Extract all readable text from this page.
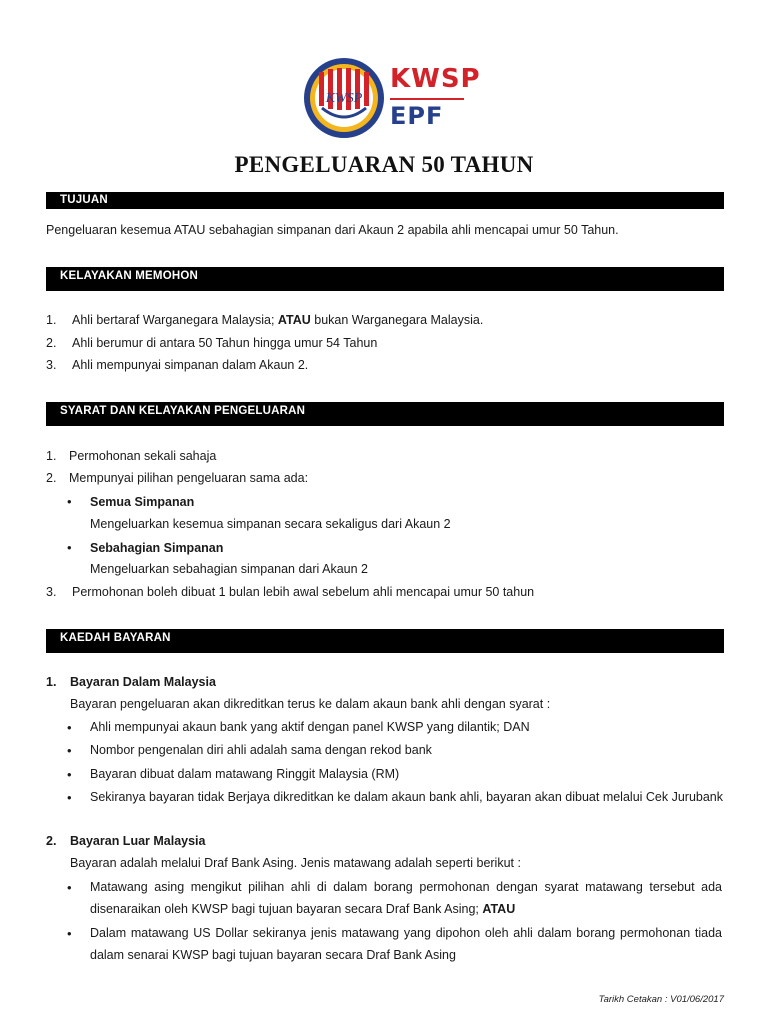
KWSP
KWSP
EPF
PENGELUARAN 50 TAHUN
TUJUAN
Pengeluaran kesemua ATAU sebahagian simpanan dari Akaun 2 apabila ahli mencapai umur 50 Tahun.
KELAYAKAN MEMOHON
1. Ahli bertaraf Warganegara Malaysia; ATAU bukan Warganegara Malaysia.
2. Ahli berumur di antara 50 Tahun hingga umur 54 Tahun
3. Ahli mempunyai simpanan dalam Akaun 2.
SYARAT DAN KELAYAKAN PENGELUARAN
1. Permohonan sekali sahaja
2. Mempunyai pilihan pengeluaran sama ada:
• Semua Simpanan
Mengeluarkan kesemua simpanan secara sekaligus dari Akaun 2
• Sebahagian Simpanan
Mengeluarkan sebahagian simpanan dari Akaun 2
3. Permohonan boleh dibuat 1 bulan lebih awal sebelum ahli mencapai umur 50 tahun
KAEDAH BAYARAN
1. Bayaran Dalam Malaysia
Bayaran pengeluaran akan dikreditkan terus ke dalam akaun bank ahli dengan syarat :
• Ahli mempunyai akaun bank yang aktif dengan panel KWSP yang dilantik; DAN
• Nombor pengenalan diri ahli adalah sama dengan rekod bank
• Bayaran dibuat dalam matawang Ringgit Malaysia (RM)
• Sekiranya bayaran tidak Berjaya dikreditkan ke dalam akaun bank ahli, bayaran akan dibuat melalui Cek Jurubank
2. Bayaran Luar Malaysia
Bayaran adalah melalui Draf Bank Asing. Jenis matawang adalah seperti berikut :
• Matawang asing mengikut pilihan ahli di dalam borang permohonan dengan syarat matawang tersebut ada
disenaraikan oleh KWSP bagi tujuan bayaran secara Draf Bank Asing; ATAU
• Dalam matawang US Dollar sekiranya jenis matawang yang dipohon oleh ahli dalam borang permohonan tiada
dalam senarai KWSP bagi tujuan bayaran secara Draf Bank Asing
Tarikh Cetakan : V01/06/2017
